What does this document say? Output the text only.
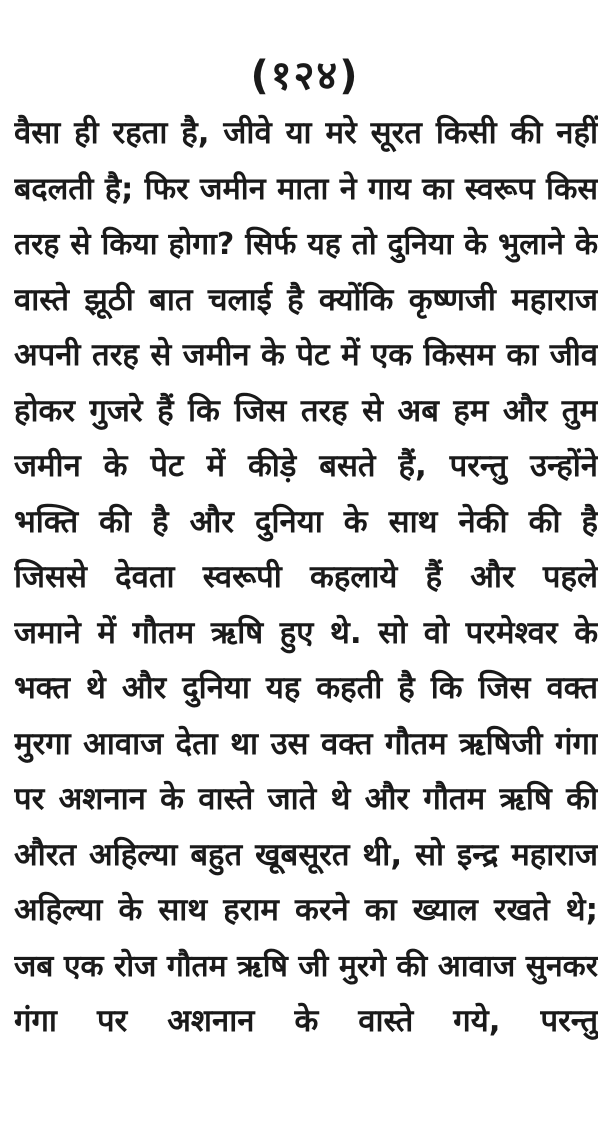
(१२४)
वैसा ही रहता है, जीवे या मरे सूरत किसी की नहीं
बदलती है; फिर जमीन माता ने गाय का स्वरूप किस
तरह से किया होगा? सिर्फ यह तो दुनिया के भुलाने के
वास्ते झूठी बात चलाई है क्योंकि कृष्णजी महाराज
अपनी तरह से जमीन के पेट में एक किसम का जीव
होकर गुजरे हैं कि जिस तरह से अब हम और तुम
जमीन के पेट में कीड़े बसते हैं, परन्तु उन्होंने
भक्ति की है और दुनिया के साथ नेकी की है
जिससे देवता स्वरूपी कहलाये हैं और पहले
जमाने में गौतम ऋषि हुए थे. सो वो परमेश्वर के
भक्त थे और दुनिया यह कहती है कि जिस वक्त
मुरगा आवाज देता था उस वक्त गौतम ऋषिजी गंगा
पर अशनान के वास्ते जाते थे और गौतम ऋषि की
औरत अहिल्या बहुत खूबसूरत थी, सो इन्द्र महाराज
अहिल्या के साथ हराम करने का ख्याल रखते थे;
जब एक रोज गौतम ऋषि जी मुरगे की आवाज सुनकर
गंगा पर अशनान के वास्ते गये, परन्तु
